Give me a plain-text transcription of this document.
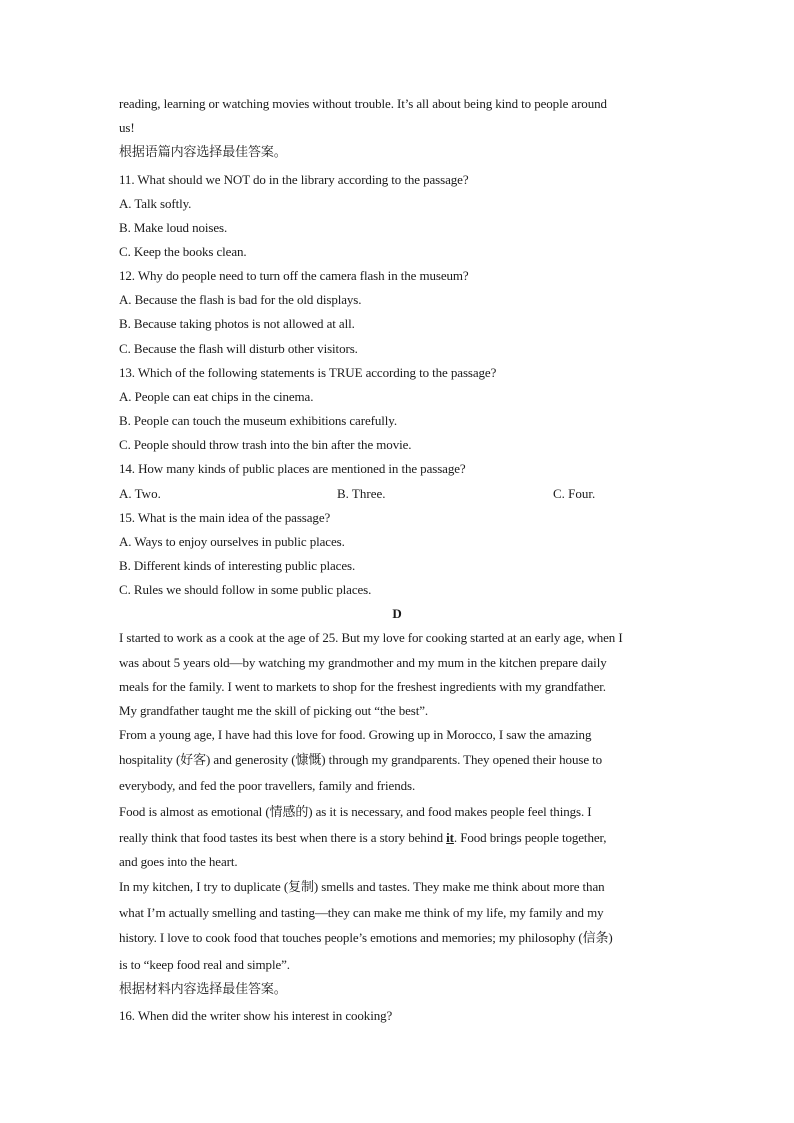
reading, learning or watching movies without trouble. It’s all about being kind to people around
us!
根据语篇内容选择最佳答案。
11. What should we NOT do in the library according to the passage?
A. Talk softly.
B. Make loud noises.
C. Keep the books clean.
12. Why do people need to turn off the camera flash in the museum?
A. Because the flash is bad for the old displays.
B. Because taking photos is not allowed at all.
C. Because the flash will disturb other visitors.
13. Which of the following statements is TRUE according to the passage?
A. People can eat chips in the cinema.
B. People can touch the museum exhibitions carefully.
C. People should throw trash into the bin after the movie.
14. How many kinds of public places are mentioned in the passage?
A. Two.	B. Three.	C. Four.
15. What is the main idea of the passage?
A. Ways to enjoy ourselves in public places.
B. Different kinds of interesting public places.
C. Rules we should follow in some public places.
D
I started to work as a cook at the age of 25. But my love for cooking started at an early age, when I
was about 5 years old—by watching my grandmother and my mum in the kitchen prepare daily
meals for the family. I went to markets to shop for the freshest ingredients with my grandfather.
My grandfather taught me the skill of picking out “the best”.
From a young age, I have had this love for food. Growing up in Morocco, I saw the amazing
hospitality (好客) and generosity (慷慨) through my grandparents. They opened their house to
everybody, and fed the poor travellers, family and friends.
Food is almost as emotional (情感的) as it is necessary, and food makes people feel things. I
really think that food tastes its best when there is a story behind it. Food brings people together,
and goes into the heart.
In my kitchen, I try to duplicate (复制) smells and tastes. They make me think about more than
what I’m actually smelling and tasting—they can make me think of my life, my family and my
history. I love to cook food that touches people’s emotions and memories; my philosophy (信条)
is to “keep food real and simple”.
根据材料内容选择最佳答案。
16. When did the writer show his interest in cooking?
